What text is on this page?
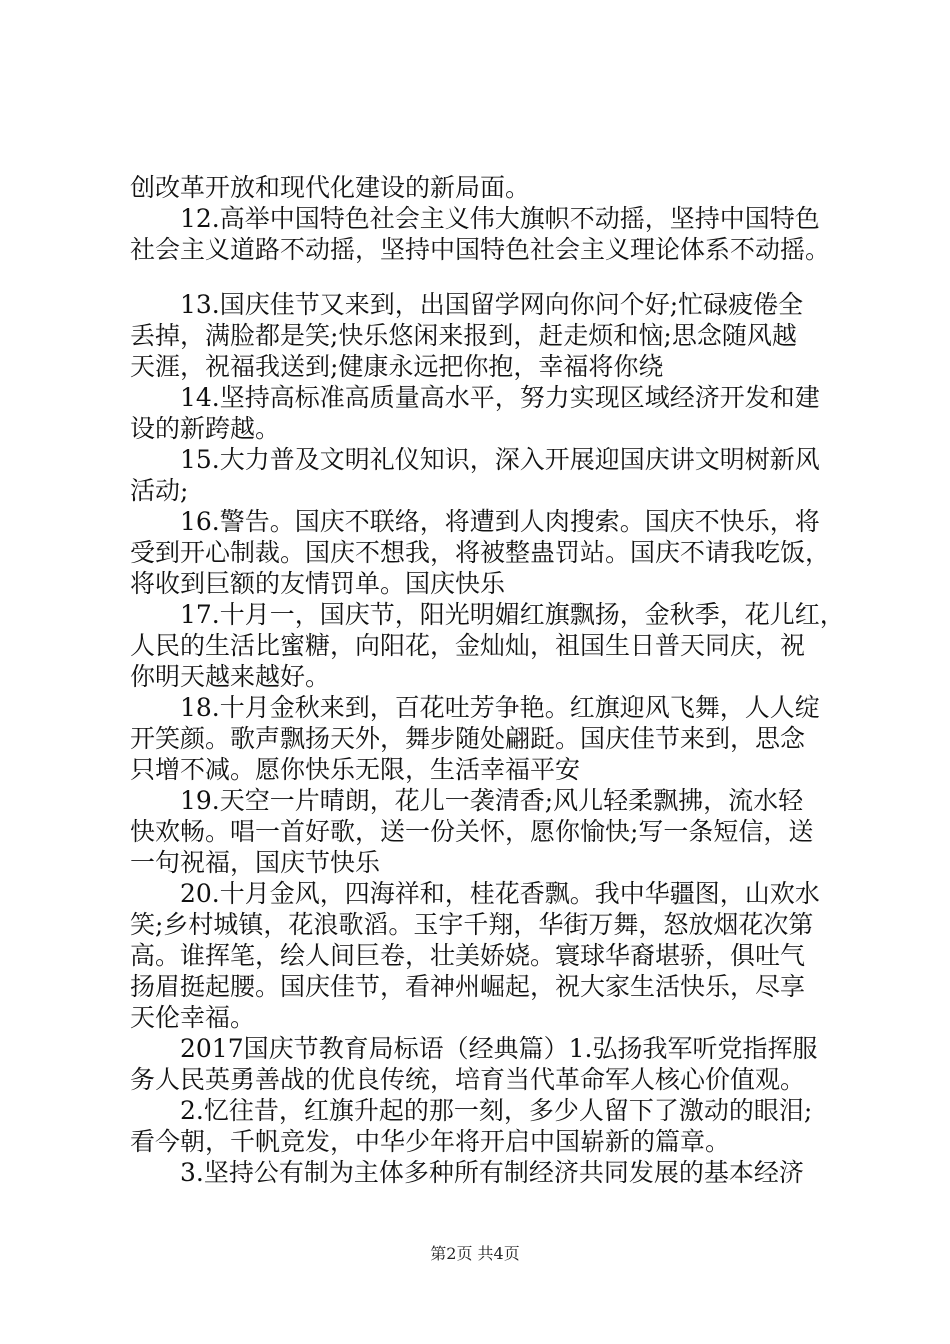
创改革开放和现代化建设的新局面。

12.高举中国特色社会主义伟大旗帜不动摇，坚持中国特色
社会主义道路不动摇，坚持中国特色社会主义理论体系不动摇。

13.国庆佳节又来到，出国留学网向你问个好;忙碌疲倦全
丢掉，满脸都是笑;快乐悠闲来报到，赶走烦和恼;思念随风越
天涯，祝福我送到;健康永远把你抱，幸福将你绕

14.坚持高标准高质量高水平，努力实现区域经济开发和建
设的新跨越。

15.大力普及文明礼仪知识，深入开展迎国庆讲文明树新风
活动;

16.警告。国庆不联络，将遭到人肉搜索。国庆不快乐，将
受到开心制裁。国庆不想我，将被整蛊罚站。国庆不请我吃饭，
将收到巨额的友情罚单。国庆快乐

17.十月一，国庆节，阳光明媚红旗飘扬，金秋季，花儿红，
人民的生活比蜜糖，向阳花，金灿灿，祖国生日普天同庆，祝
你明天越来越好。

18.十月金秋来到，百花吐芳争艳。红旗迎风飞舞，人人绽
开笑颜。歌声飘扬天外，舞步随处翩跹。国庆佳节来到，思念
只增不减。愿你快乐无限，生活幸福平安

19.天空一片晴朗，花儿一袭清香;风儿轻柔飘拂，流水轻
快欢畅。唱一首好歌，送一份关怀，愿你愉快;写一条短信，送
一句祝福，国庆节快乐

20.十月金风，四海祥和，桂花香飘。我中华疆图，山欢水
笑;乡村城镇，花浪歌滔。玉宇千翔，华街万舞，怒放烟花次第
高。谁挥笔，绘人间巨卷，壮美娇娆。寰球华裔堪骄，俱吐气
扬眉挺起腰。国庆佳节，看神州崛起，祝大家生活快乐，尽享
天伦幸福。

2017国庆节教育局标语（经典篇）1.弘扬我军听党指挥服
务人民英勇善战的优良传统，培育当代革命军人核心价值观。

2.忆往昔，红旗升起的那一刻，多少人留下了激动的眼泪;
看今朝，千帆竞发，中华少年将开启中国崭新的篇章。

3.坚持公有制为主体多种所有制经济共同发展的基本经济

第2页 共4页
